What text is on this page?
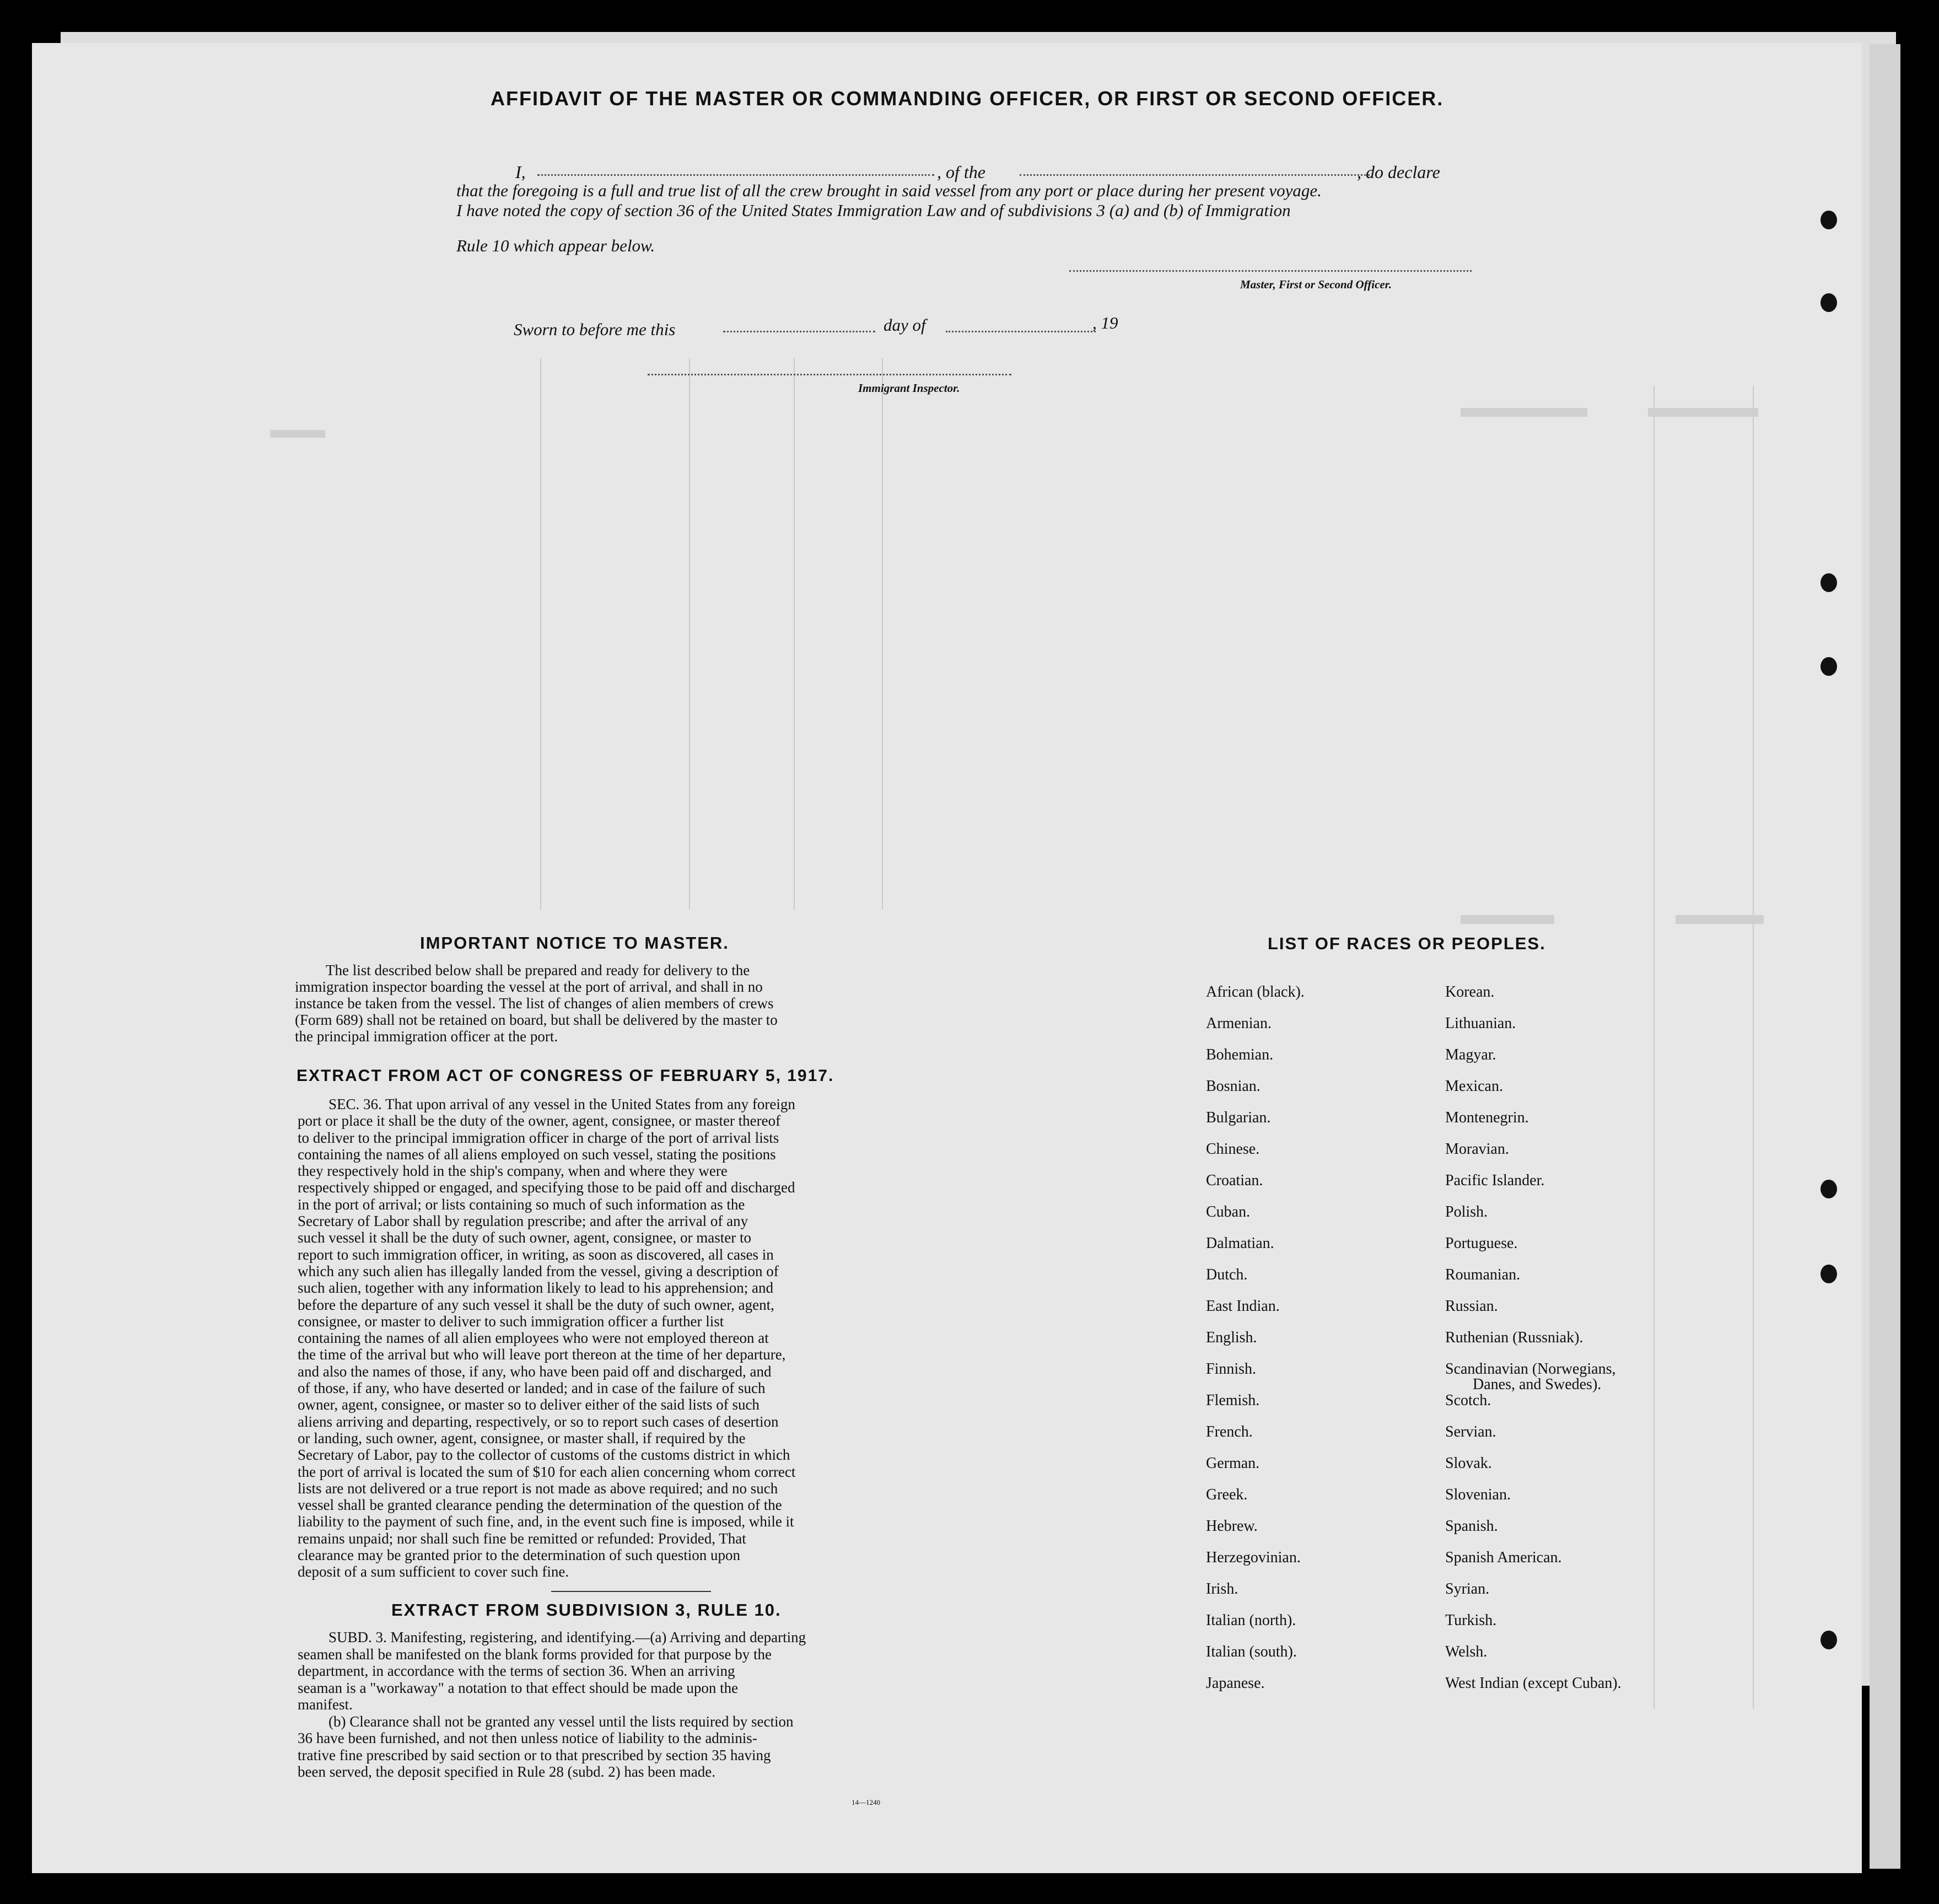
AFFIDAVIT OF THE MASTER OR COMMANDING OFFICER, OR FIRST OR SECOND OFFICER.
I,	, of the	, do declare
that the foregoing is a full and true list of all the crew brought in said vessel from any port or place during her present voyage.
I have noted the copy of section 36 of the United States Immigration Law and of subdivisions 3 (a) and (b) of Immigration
Rule 10 which appear below.
Master, First or Second Officer.
Sworn to before me this	day of	, 19
Immigrant Inspector.
IMPORTANT NOTICE TO MASTER.

The list described below shall be prepared and ready for delivery to the

immigration inspector boarding the vessel at the port of arrival, and shall in no

instance be taken from the vessel. The list of changes of alien members of crews

(Form 689) shall not be retained on board, but shall be delivered by the master to

the principal immigration officer at the port.

EXTRACT FROM ACT OF CONGRESS OF FEBRUARY 5, 1917.

SEC. 36. That upon arrival of any vessel in the United States from any foreign

port or place it shall be the duty of the owner, agent, consignee, or master thereof

to deliver to the principal immigration officer in charge of the port of arrival lists

containing the names of all aliens employed on such vessel, stating the positions

they respectively hold in the ship's company, when and where they were

respectively shipped or engaged, and specifying those to be paid off and discharged

in the port of arrival; or lists containing so much of such information as the

Secretary of Labor shall by regulation prescribe; and after the arrival of any

such vessel it shall be the duty of such owner, agent, consignee, or master to

report to such immigration officer, in writing, as soon as discovered, all cases in

which any such alien has illegally landed from the vessel, giving a description of

such alien, together with any information likely to lead to his apprehension; and

before the departure of any such vessel it shall be the duty of such owner, agent,

consignee, or master to deliver to such immigration officer a further list

containing the names of all alien employees who were not employed thereon at

the time of the arrival but who will leave port thereon at the time of her departure,

and also the names of those, if any, who have been paid off and discharged, and

of those, if any, who have deserted or landed; and in case of the failure of such

owner, agent, consignee, or master so to deliver either of the said lists of such

aliens arriving and departing, respectively, or so to report such cases of desertion

or landing, such owner, agent, consignee, or master shall, if required by the

Secretary of Labor, pay to the collector of customs of the customs district in which

the port of arrival is located the sum of $10 for each alien concerning whom correct

lists are not delivered or a true report is not made as above required; and no such

vessel shall be granted clearance pending the determination of the question of the

liability to the payment of such fine, and, in the event such fine is imposed, while it

remains unpaid; nor shall such fine be remitted or refunded: Provided, That

clearance may be granted prior to the determination of such question upon

deposit of a sum sufficient to cover such fine.

EXTRACT FROM SUBDIVISION 3, RULE 10.

SUBD. 3. Manifesting, registering, and identifying.—(a) Arriving and departing

seamen shall be manifested on the blank forms provided for that purpose by the

department, in accordance with the terms of section 36. When an arriving

seaman is a "workaway" a notation to that effect should be made upon the

manifest.

(b) Clearance shall not be granted any vessel until the lists required by section

36 have been furnished, and not then unless notice of liability to the adminis-

trative fine prescribed by said section or to that prescribed by section 35 having

been served, the deposit specified in Rule 28 (subd. 2) has been made.

14—1240
LIST OF RACES OR PEOPLES.
African (black).
Armenian.
Bohemian.
Bosnian.
Bulgarian.
Chinese.
Croatian.
Cuban.
Dalmatian.
Dutch.
East Indian.
English.
Finnish.
Flemish.
French.
German.
Greek.
Hebrew.
Herzegovinian.
Irish.
Italian (north).
Italian (south).
Japanese.
Korean.
Lithuanian.
Magyar.
Mexican.
Montenegrin.
Moravian.
Pacific Islander.
Polish.
Portuguese.
Roumanian.
Russian.
Ruthenian (Russniak).
Scandinavian (Norwegians,
Scotch.
Servian.
Slovak.
Slovenian.
Spanish.
Spanish American.
Syrian.
Turkish.
Welsh.
West Indian (except Cuban).
Danes, and Swedes).
